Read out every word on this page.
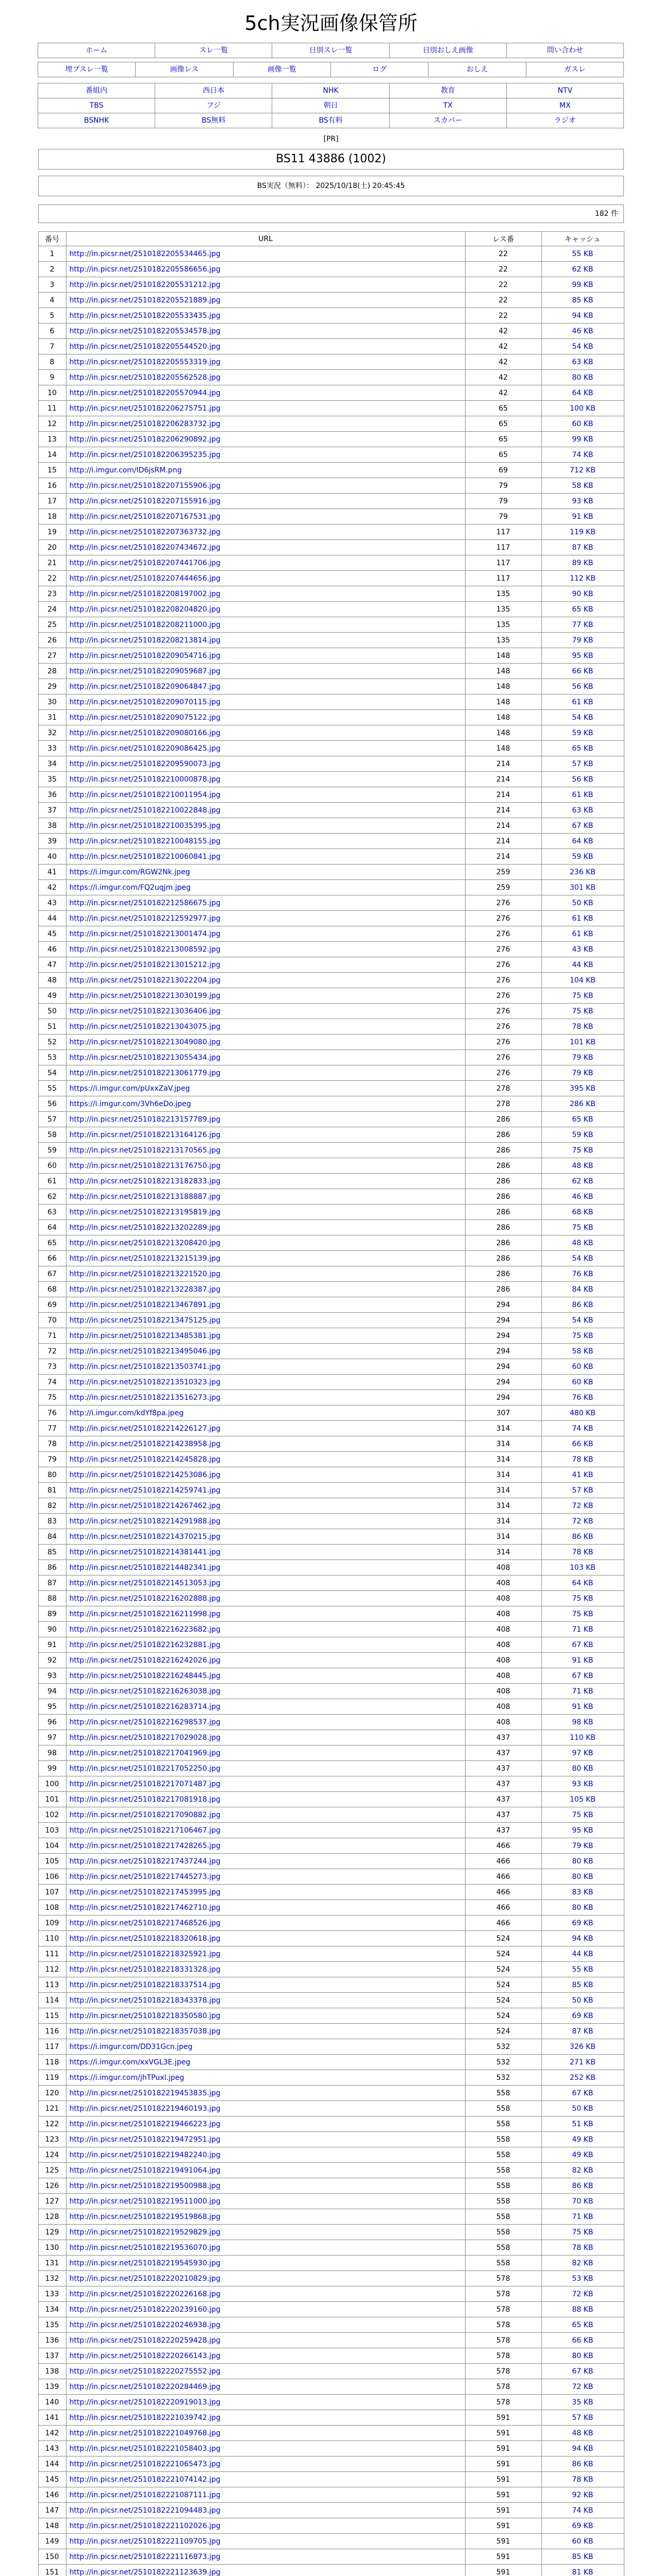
5ch実況画像保管所
ホーム	スレ一覧	日別スレ一覧	日別おしえ画像	問い合わせ
埋ブスレ一覧	画像レス	画像一覧	ログ	おしえ	ガスレ
番組内	西日本	NHK	教育	NTV
TBS	フジ	朝日	TX	MX
BSNHK	BS無料	BS有料	スカパー	ラジオ
[PR]
BS11 43886 (1002)
BS実況（無料）： 2025/10/18(土) 20:45:45
182 件
番号	URL	レス番	キャッシュ
1	http://in.picsr.net/2510182205534465.jpg	22	55 KB
2	http://in.picsr.net/2510182205586656.jpg	22	62 KB
3	http://in.picsr.net/2510182205531212.jpg	22	99 KB
4	http://in.picsr.net/2510182205521889.jpg	22	85 KB
5	http://in.picsr.net/2510182205533435.jpg	22	94 KB
6	http://in.picsr.net/2510182205534578.jpg	42	46 KB
7	http://in.picsr.net/2510182205544520.jpg	42	54 KB
8	http://in.picsr.net/2510182205553319.jpg	42	63 KB
9	http://in.picsr.net/2510182205562528.jpg	42	80 KB
10	http://in.picsr.net/2510182205570944.jpg	42	64 KB
11	http://in.picsr.net/2510182206275751.jpg	65	100 KB
12	http://in.picsr.net/2510182206283732.jpg	65	60 KB
13	http://in.picsr.net/2510182206290892.jpg	65	99 KB
14	http://in.picsr.net/2510182206395235.jpg	65	74 KB
15	http://i.imgur.com/ID6jsRM.png	69	712 KB
16	http://in.picsr.net/2510182207155906.jpg	79	58 KB
17	http://in.picsr.net/2510182207155916.jpg	79	93 KB
18	http://in.picsr.net/2510182207167531.jpg	79	91 KB
19	http://in.picsr.net/2510182207363732.jpg	117	119 KB
20	http://in.picsr.net/2510182207434672.jpg	117	87 KB
21	http://in.picsr.net/2510182207441706.jpg	117	89 KB
22	http://in.picsr.net/2510182207444656.jpg	117	112 KB
23	http://in.picsr.net/2510182208197002.jpg	135	90 KB
24	http://in.picsr.net/2510182208204820.jpg	135	65 KB
25	http://in.picsr.net/2510182208211000.jpg	135	77 KB
26	http://in.picsr.net/2510182208213814.jpg	135	79 KB
27	http://in.picsr.net/2510182209054716.jpg	148	95 KB
28	http://in.picsr.net/2510182209059687.jpg	148	66 KB
29	http://in.picsr.net/2510182209064847.jpg	148	56 KB
30	http://in.picsr.net/2510182209070115.jpg	148	61 KB
31	http://in.picsr.net/2510182209075122.jpg	148	54 KB
32	http://in.picsr.net/2510182209080166.jpg	148	59 KB
33	http://in.picsr.net/2510182209086425.jpg	148	65 KB
34	http://in.picsr.net/2510182209590073.jpg	214	57 KB
35	http://in.picsr.net/2510182210000878.jpg	214	56 KB
36	http://in.picsr.net/2510182210011954.jpg	214	61 KB
37	http://in.picsr.net/2510182210022848.jpg	214	63 KB
38	http://in.picsr.net/2510182210035395.jpg	214	67 KB
39	http://in.picsr.net/2510182210048155.jpg	214	64 KB
40	http://in.picsr.net/2510182210060841.jpg	214	59 KB
41	https://i.imgur.com/RGW2Nk.jpeg	259	236 KB
42	https://i.imgur.com/FQ2uqjm.jpeg	259	301 KB
43	http://in.picsr.net/2510182212586675.jpg	276	50 KB
44	http://in.picsr.net/2510182212592977.jpg	276	61 KB
45	http://in.picsr.net/2510182213001474.jpg	276	61 KB
46	http://in.picsr.net/2510182213008592.jpg	276	43 KB
47	http://in.picsr.net/2510182213015212.jpg	276	44 KB
48	http://in.picsr.net/2510182213022204.jpg	276	104 KB
49	http://in.picsr.net/2510182213030199.jpg	276	75 KB
50	http://in.picsr.net/2510182213036406.jpg	276	75 KB
51	http://in.picsr.net/2510182213043075.jpg	276	78 KB
52	http://in.picsr.net/2510182213049080.jpg	276	101 KB
53	http://in.picsr.net/2510182213055434.jpg	276	79 KB
54	http://in.picsr.net/2510182213061779.jpg	276	79 KB
55	https://i.imgur.com/pUxxZaV.jpeg	278	395 KB
56	https://i.imgur.com/3Vh6eDo.jpeg	278	286 KB
57	http://in.picsr.net/2510182213157789.jpg	286	65 KB
58	http://in.picsr.net/2510182213164126.jpg	286	59 KB
59	http://in.picsr.net/2510182213170565.jpg	286	75 KB
60	http://in.picsr.net/2510182213176750.jpg	286	48 KB
61	http://in.picsr.net/2510182213182833.jpg	286	62 KB
62	http://in.picsr.net/2510182213188887.jpg	286	46 KB
63	http://in.picsr.net/2510182213195819.jpg	286	68 KB
64	http://in.picsr.net/2510182213202289.jpg	286	75 KB
65	http://in.picsr.net/2510182213208420.jpg	286	48 KB
66	http://in.picsr.net/2510182213215139.jpg	286	54 KB
67	http://in.picsr.net/2510182213221520.jpg	286	76 KB
68	http://in.picsr.net/2510182213228387.jpg	286	84 KB
69	http://in.picsr.net/2510182213467891.jpg	294	86 KB
70	http://in.picsr.net/2510182213475125.jpg	294	54 KB
71	http://in.picsr.net/2510182213485381.jpg	294	75 KB
72	http://in.picsr.net/2510182213495046.jpg	294	58 KB
73	http://in.picsr.net/2510182213503741.jpg	294	60 KB
74	http://in.picsr.net/2510182213510323.jpg	294	60 KB
75	http://in.picsr.net/2510182213516273.jpg	294	76 KB
76	http://i.imgur.com/kdYf8pa.jpeg	307	480 KB
77	http://in.picsr.net/2510182214226127.jpg	314	74 KB
78	http://in.picsr.net/2510182214238958.jpg	314	66 KB
79	http://in.picsr.net/2510182214245828.jpg	314	78 KB
80	http://in.picsr.net/2510182214253086.jpg	314	41 KB
81	http://in.picsr.net/2510182214259741.jpg	314	57 KB
82	http://in.picsr.net/2510182214267462.jpg	314	72 KB
83	http://in.picsr.net/2510182214291988.jpg	314	72 KB
84	http://in.picsr.net/2510182214370215.jpg	314	86 KB
85	http://in.picsr.net/2510182214381441.jpg	314	78 KB
86	http://in.picsr.net/2510182214482341.jpg	408	103 KB
87	http://in.picsr.net/2510182214513053.jpg	408	64 KB
88	http://in.picsr.net/2510182216202888.jpg	408	75 KB
89	http://in.picsr.net/2510182216211998.jpg	408	75 KB
90	http://in.picsr.net/2510182216223682.jpg	408	71 KB
91	http://in.picsr.net/2510182216232881.jpg	408	67 KB
92	http://in.picsr.net/2510182216242026.jpg	408	91 KB
93	http://in.picsr.net/2510182216248445.jpg	408	67 KB
94	http://in.picsr.net/2510182216263038.jpg	408	71 KB
95	http://in.picsr.net/2510182216283714.jpg	408	91 KB
96	http://in.picsr.net/2510182216298537.jpg	408	98 KB
97	http://in.picsr.net/2510182217029028.jpg	437	110 KB
98	http://in.picsr.net/2510182217041969.jpg	437	97 KB
99	http://in.picsr.net/2510182217052250.jpg	437	80 KB
100	http://in.picsr.net/2510182217071487.jpg	437	93 KB
101	http://in.picsr.net/2510182217081918.jpg	437	105 KB
102	http://in.picsr.net/2510182217090882.jpg	437	75 KB
103	http://in.picsr.net/2510182217106467.jpg	437	95 KB
104	http://in.picsr.net/2510182217428265.jpg	466	79 KB
105	http://in.picsr.net/2510182217437244.jpg	466	80 KB
106	http://in.picsr.net/2510182217445273.jpg	466	80 KB
107	http://in.picsr.net/2510182217453995.jpg	466	83 KB
108	http://in.picsr.net/2510182217462710.jpg	466	80 KB
109	http://in.picsr.net/2510182217468526.jpg	466	69 KB
110	http://in.picsr.net/2510182218320618.jpg	524	94 KB
111	http://in.picsr.net/2510182218325921.jpg	524	44 KB
112	http://in.picsr.net/2510182218331328.jpg	524	55 KB
113	http://in.picsr.net/2510182218337514.jpg	524	85 KB
114	http://in.picsr.net/2510182218343378.jpg	524	50 KB
115	http://in.picsr.net/2510182218350580.jpg	524	69 KB
116	http://in.picsr.net/2510182218357038.jpg	524	87 KB
117	https://i.imgur.com/DD31Gcn.jpeg	532	326 KB
118	https://i.imgur.com/xxVGL3E.jpeg	532	271 KB
119	https://i.imgur.com/jhTPuxl.jpeg	532	252 KB
120	http://in.picsr.net/2510182219453835.jpg	558	67 KB
121	http://in.picsr.net/2510182219460193.jpg	558	50 KB
122	http://in.picsr.net/2510182219466223.jpg	558	51 KB
123	http://in.picsr.net/2510182219472951.jpg	558	49 KB
124	http://in.picsr.net/2510182219482240.jpg	558	49 KB
125	http://in.picsr.net/2510182219491064.jpg	558	82 KB
126	http://in.picsr.net/2510182219500988.jpg	558	86 KB
127	http://in.picsr.net/2510182219511000.jpg	558	70 KB
128	http://in.picsr.net/2510182219519868.jpg	558	71 KB
129	http://in.picsr.net/2510182219529829.jpg	558	75 KB
130	http://in.picsr.net/2510182219536070.jpg	558	78 KB
131	http://in.picsr.net/2510182219545930.jpg	558	82 KB
132	http://in.picsr.net/2510182220210829.jpg	578	53 KB
133	http://in.picsr.net/2510182220226168.jpg	578	72 KB
134	http://in.picsr.net/2510182220239160.jpg	578	88 KB
135	http://in.picsr.net/2510182220246938.jpg	578	65 KB
136	http://in.picsr.net/2510182220259428.jpg	578	66 KB
137	http://in.picsr.net/2510182220266143.jpg	578	80 KB
138	http://in.picsr.net/2510182220275552.jpg	578	67 KB
139	http://in.picsr.net/2510182220284469.jpg	578	72 KB
140	http://in.picsr.net/2510182220919013.jpg	578	35 KB
141	http://in.picsr.net/2510182221039742.jpg	591	57 KB
142	http://in.picsr.net/2510182221049768.jpg	591	48 KB
143	http://in.picsr.net/2510182221058403.jpg	591	94 KB
144	http://in.picsr.net/2510182221065473.jpg	591	86 KB
145	http://in.picsr.net/2510182221074142.jpg	591	78 KB
146	http://in.picsr.net/2510182221087111.jpg	591	92 KB
147	http://in.picsr.net/2510182221094483.jpg	591	74 KB
148	http://in.picsr.net/2510182221102026.jpg	591	69 KB
149	http://in.picsr.net/2510182221109705.jpg	591	60 KB
150	http://in.picsr.net/2510182221116873.jpg	591	85 KB
151	http://in.picsr.net/2510182221123639.jpg	591	81 KB
